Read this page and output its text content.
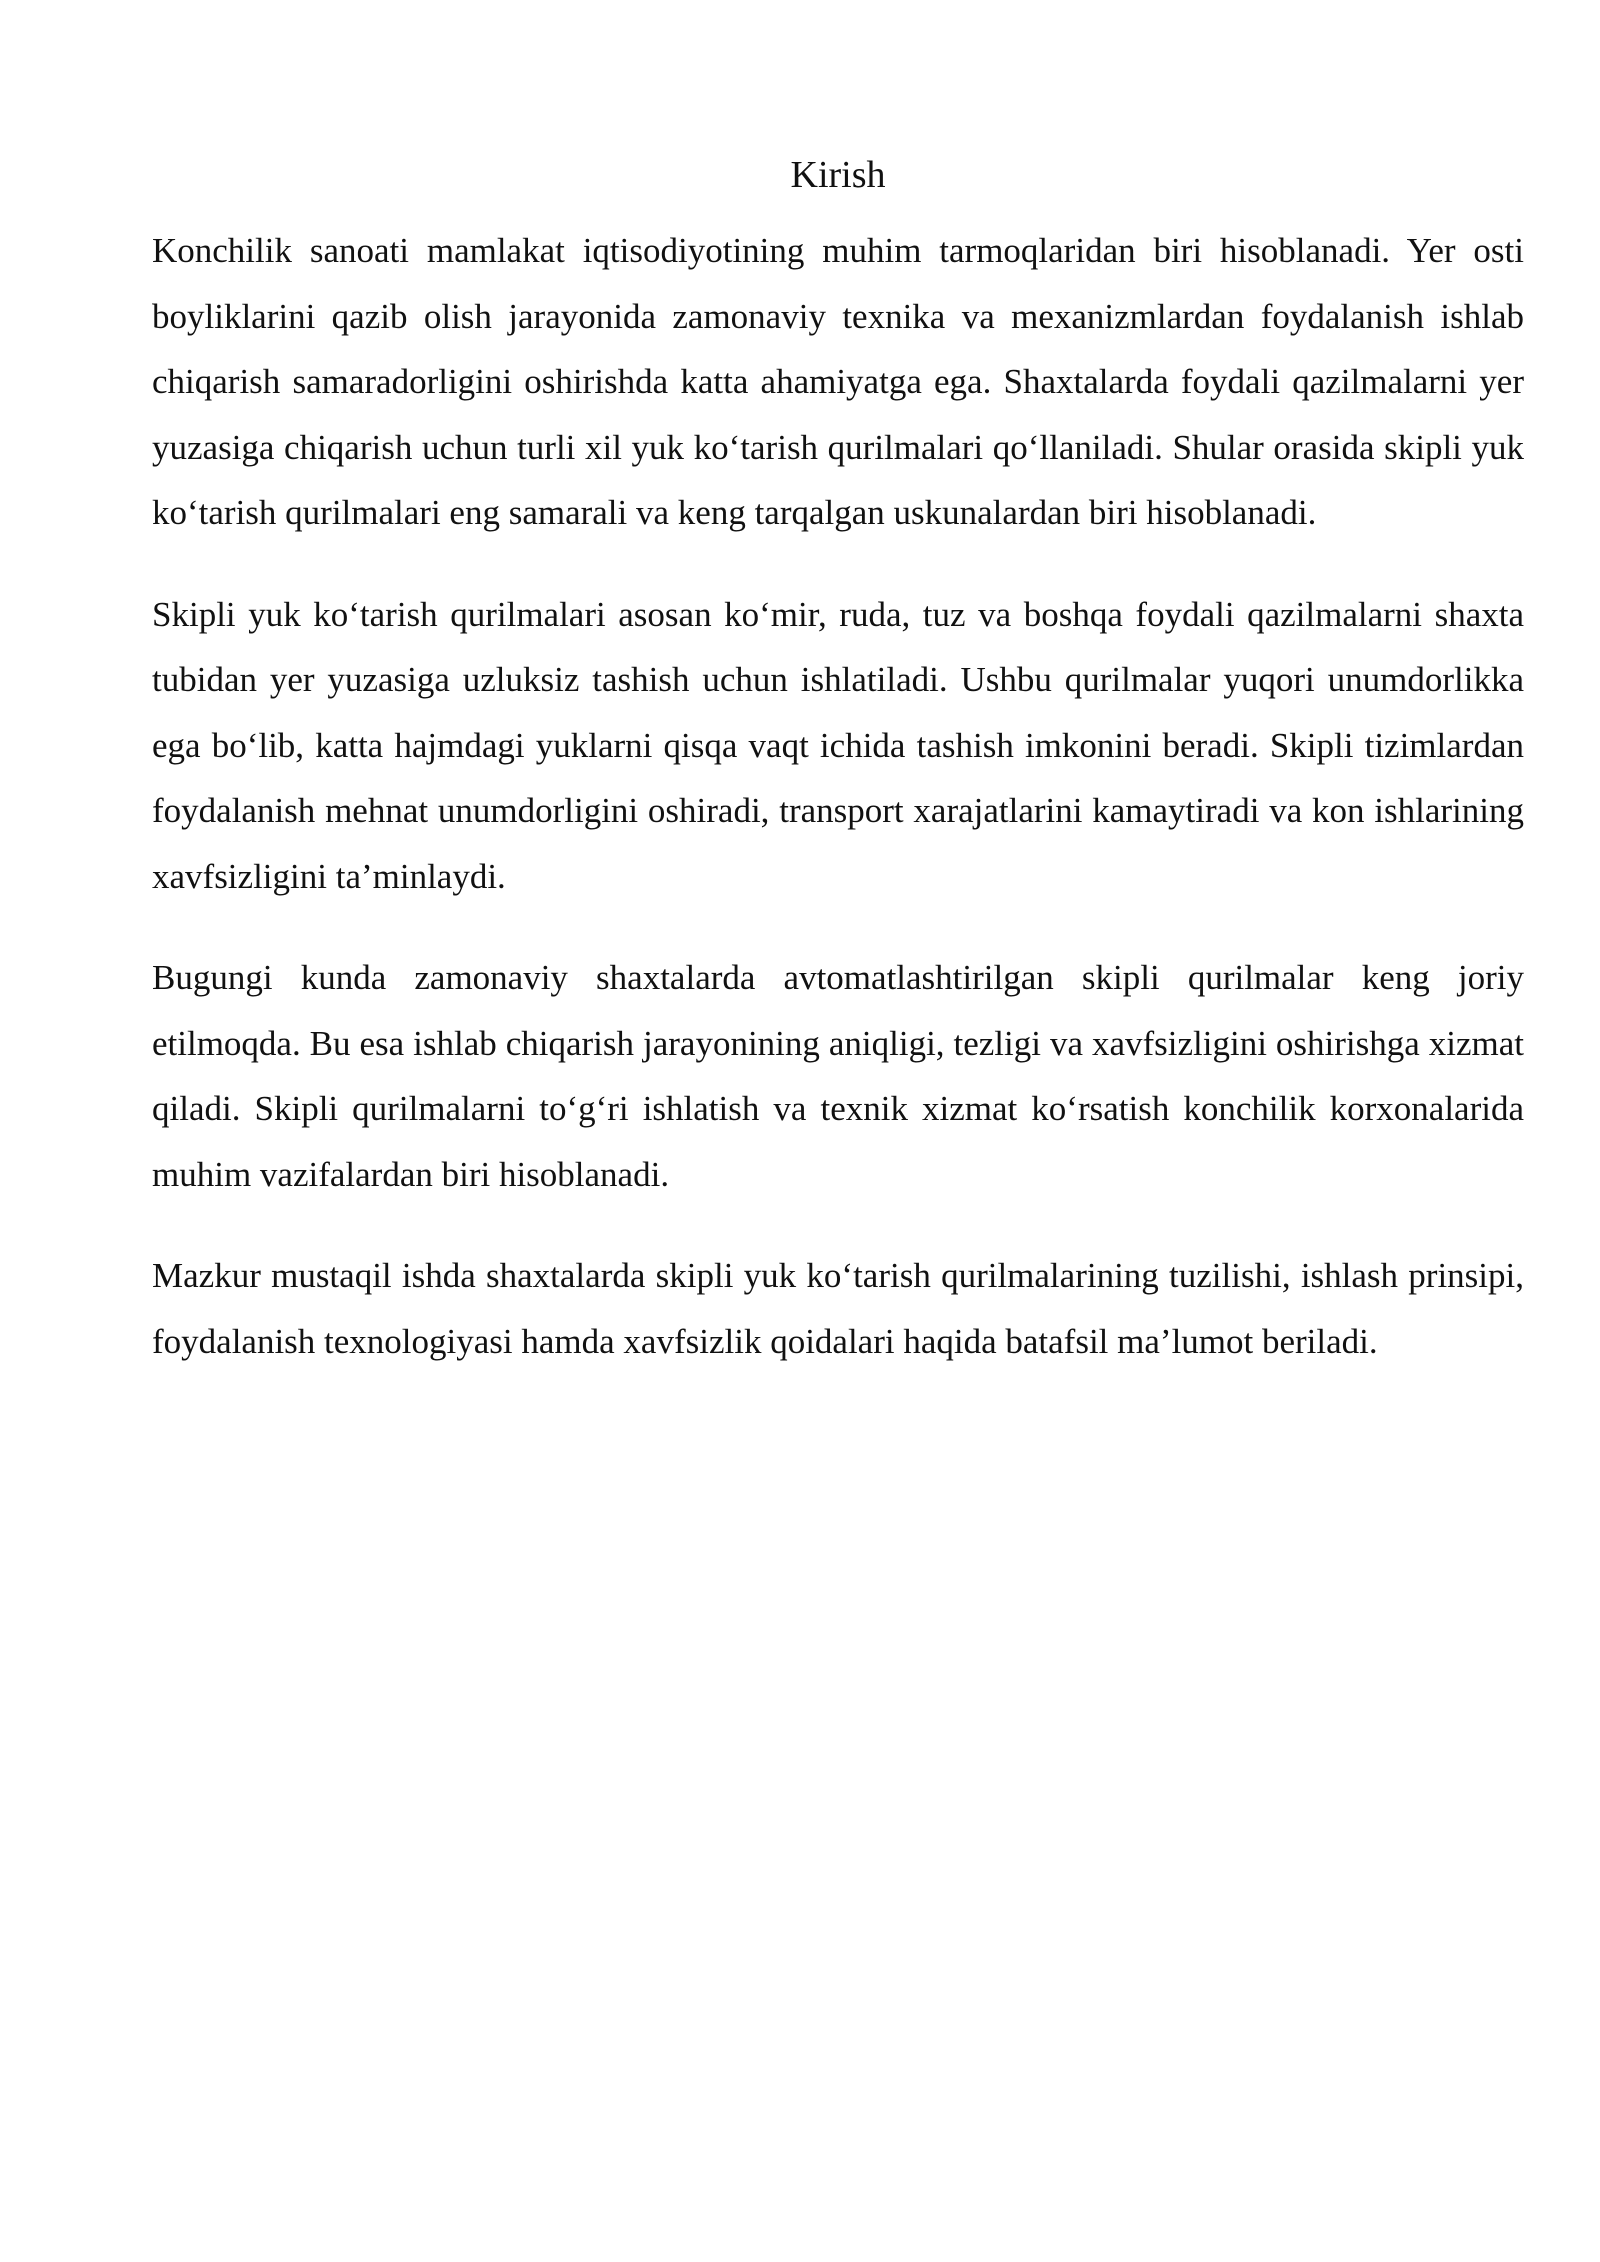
Kirish

Konchilik sanoati mamlakat iqtisodiyotining muhim tarmoqlaridan biri hisoblanadi. Yer osti boyliklarini qazib olish jarayonida zamonaviy texnika va mexanizmlardan foydalanish ishlab chiqarish samaradorligini oshirishda katta ahamiyatga ega. Shaxtalarda foydali qazilmalarni yer yuzasiga chiqarish uchun turli xil yuk ko‘tarish qurilmalari qo‘llaniladi. Shular orasida skipli yuk ko‘tarish qurilmalari eng samarali va keng tarqalgan uskunalardan biri hisoblanadi.

Skipli yuk ko‘tarish qurilmalari asosan ko‘mir, ruda, tuz va boshqa foydali qazilmalarni shaxta tubidan yer yuzasiga uzluksiz tashish uchun ishlatiladi. Ushbu qurilmalar yuqori unumdorlikka ega bo‘lib, katta hajmdagi yuklarni qisqa vaqt ichida tashish imkonini beradi. Skipli tizimlardan foydalanish mehnat unumdorligini oshiradi, transport xarajatlarini kamaytiradi va kon ishlarining xavfsizligini ta’minlaydi.

Bugungi kunda zamonaviy shaxtalarda avtomatlashtirilgan skipli qurilmalar keng joriy etilmoqda. Bu esa ishlab chiqarish jarayonining aniqligi, tezligi va xavfsizligini oshirishga xizmat qiladi. Skipli qurilmalarni to‘g‘ri ishlatish va texnik xizmat ko‘rsatish konchilik korxonalarida muhim vazifalardan biri hisoblanadi.

Mazkur mustaqil ishda shaxtalarda skipli yuk ko‘tarish qurilmalarining tuzilishi, ishlash prinsipi, foydalanish texnologiyasi hamda xavfsizlik qoidalari haqida batafsil ma’lumot beriladi.
